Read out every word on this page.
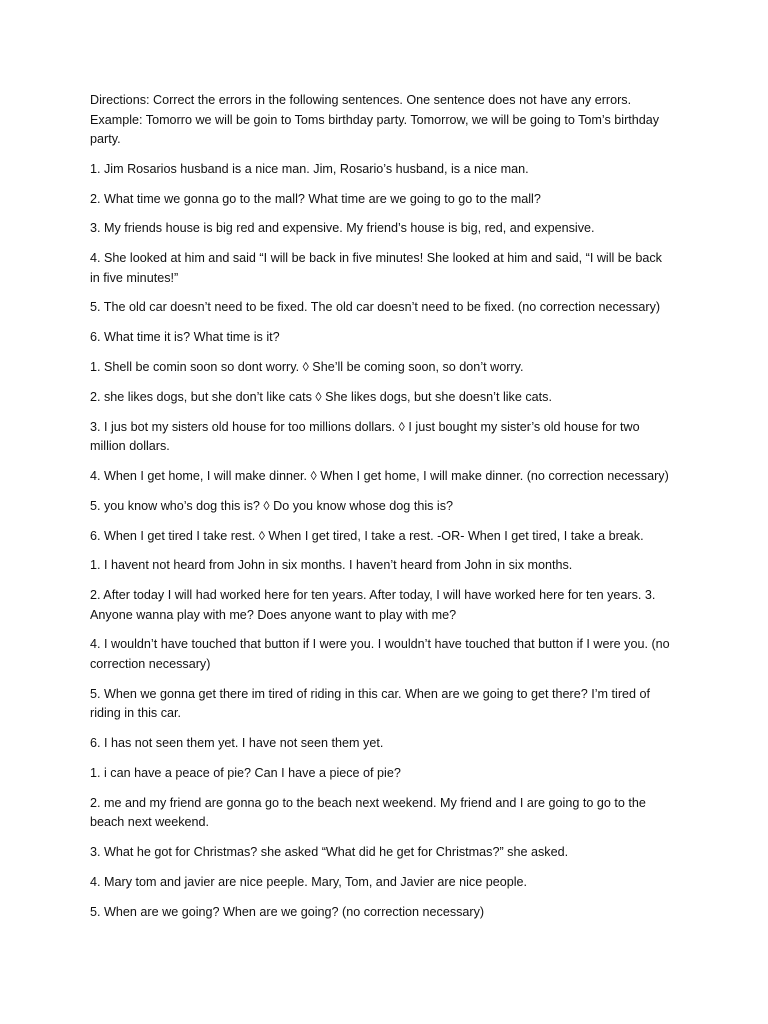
Directions: Correct the errors in the following sentences. One sentence does not have any errors. Example: Tomorro we will be goin to Toms birthday party. Tomorrow, we will be going to Tom’s birthday party.

1. Jim Rosarios husband is a nice man. Jim, Rosario’s husband, is a nice man.

2. What time we gonna go to the mall? What time are we going to go to the mall?

3. My friends house is big red and expensive. My friend’s house is big, red, and expensive.

4. She looked at him and said “I will be back in five minutes! She looked at him and said, “I will be back in five minutes!”

5. The old car doesn’t need to be fixed. The old car doesn’t need to be fixed. (no correction necessary)

6. What time it is? What time is it?

1. Shell be comin soon so dont worry. ◊ She’ll be coming soon, so don’t worry.

2. she likes dogs, but she don’t like cats ◊ She likes dogs, but she doesn’t like cats.

3. I jus bot my sisters old house for too millions dollars. ◊ I just bought my sister’s old house for two million dollars.

4. When I get home, I will make dinner. ◊ When I get home, I will make dinner. (no correction necessary)

5. you know who’s dog this is? ◊ Do you know whose dog this is?

6. When I get tired I take rest. ◊ When I get tired, I take a rest. -OR- When I get tired, I take a break.

1. I havent not heard from John in six months. I haven’t heard from John in six months.

2. After today I will had worked here for ten years. After today, I will have worked here for ten years. 3. Anyone wanna play with me? Does anyone want to play with me?

4. I wouldn’t have touched that button if I were you. I wouldn’t have touched that button if I were you. (no correction necessary)

5. When we gonna get there im tired of riding in this car. When are we going to get there? I’m tired of riding in this car.

6. I has not seen them yet. I have not seen them yet.

1. i can have a peace of pie? Can I have a piece of pie?

2. me and my friend are gonna go to the beach next weekend. My friend and I are going to go to the beach next weekend.

3. What he got for Christmas? she asked “What did he get for Christmas?” she asked.

4. Mary tom and javier are nice peeple. Mary, Tom, and Javier are nice people.

5. When are we going? When are we going? (no correction necessary)
